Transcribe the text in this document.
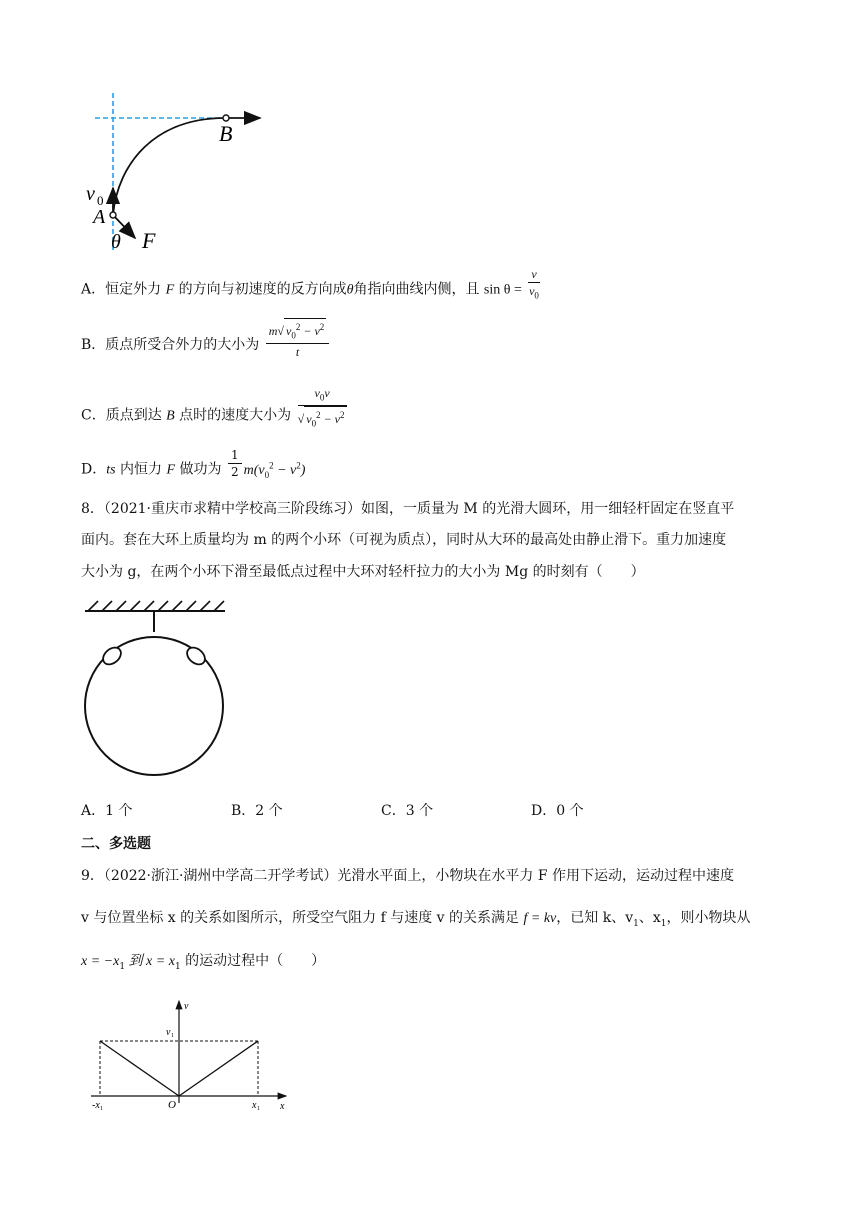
B
v 0
A
θ F
A．恒定外力 F 的方向与初速度的反方向成θ角指向曲线内侧，且 $\sin \theta = \frac{v}{v_0}$
B．质点所受合外力的大小为 $\frac{m√ v_0^2 - v^2}{t}$
C．质点到达 B 点时的速度大小为 $\frac{v_0v}{√ v_0^2 - v^2}$
D．ts 内恒力 F 做功为 $\frac{1}{2} m(v_0^2 - v^2)$
8．（2021·重庆市求精中学校高三阶段练习）如图，一质量为 M 的光滑大圆环，用一细轻杆固定在竖直平
面内。套在大环上质量均为 m 的两个小环（可视为质点），同时从大环的最高处由静止滑下。重力加速度
大小为 g，在两个小环下滑至最低点过程中大环对轻杆拉力的大小为 Mg 的时刻有（　　）
A．1 个	B．2 个	C．3 个	D．0 个
二、多选题
9．（2022·浙江·湖州中学高二开学考试）光滑水平面上，小物块在水平力 F 作用下运动，运动过程中速度
v 与位置坐标 x 的关系如图所示，所受空气阻力 f 与速度 v 的关系满足 f = kv，已知 k、$v_1$、$x_1$，则小物块从
$x = -x_1$ 到 $x = x_1$ 的运动过程中（　　）
v
v 1
-x 1	O	x 1 x
